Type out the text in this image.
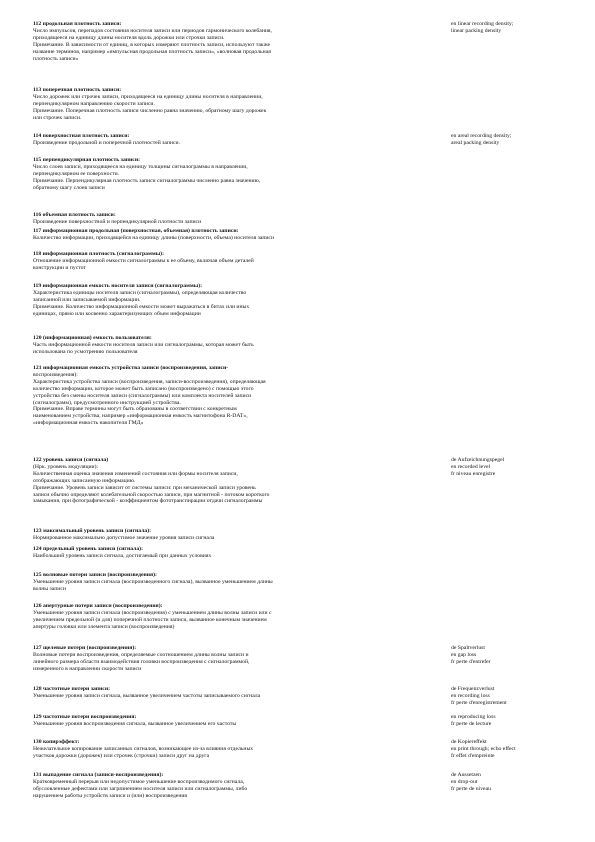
112 продольная плотность записи:
Число импульсов, перепадов состояния носителя записи или периодов гармонического колебания,
приходящееся на единицу длины носителя вдоль дорожки или строчки записи.
Примечание. В зависимости от единиц, в которых измеряют плотность записи, используют также
название терминов, например «импульсная продольная плотность записи», «волновая продольная
плотность записи»
en linear recording density;
linear packing density
113 поперечная плотность записи:
Число дорожек или строчек записи, приходящееся на единицу длины носителя в направлении,
перпендикулярном направлению скорости записи.
Примечание. Поперечная плотность записи численно равна значению, обратному шагу дорожек
или строчек записи.
114 поверхностная плотность записи:
Произведение продольной и поперечной плотностей записи.
en areal recording density;
areal packing density
115 перпендикулярная плотность записи:
Число слоев записи, приходящееся на единицу толщины сигналограммы в направлении,
перпендикулярном ее поверхности.
Примечание. Перпендикулярная плотность записи сигналограммы численно равна значению,
обратному шагу слоев записи
116 объемная плотность записи:
Произведение поверхностной и перпендикулярной плотности записи
117 информационная продольная (поверхностная, объемная) плотность записи:
Количество информации, приходящейся на единицу длины (поверхности, объема) носителя записи
118 информационная плотность (сигналограммы):
Отношение информационной емкости сигналограммы к ее объему, включая объем деталей
конструкции и пустот
119 информационная емкость носителя записи (сигналограммы):
Характеристика единицы носителя записи (сигналограммы), определяющая количество
записанной или записываемой информации.
Примечание. Количество информационной емкости может выражаться в битах или иных
единицах, прямо или косвенно характеризующих объем информации
120 (информационная) емкость пользователя:
Часть информационной емкости носителя записи или сигналограммы, которая может быть
использована по усмотрению пользователя
121 информационная емкость устройства записи (воспроизведения, записи-
воспроизведения):
Характеристика устройства записи (воспроизведения, записи-воспроизведения), определяющая
количество информации, которое может быть записано (воспроизведено) с помощью этого
устройства без смены носителя записи (сигналограммы) или комплекта носителей записи
(сигналограмм), предусмотренного инструкцией устройства.
Примечание. Вправе термины могут быть образованы в соответствии с конкретным
наименованием устройства, например «информационная емкость магнитофона R-DAT»,
«информационная емкость накопителя ГМД»
122 уровень записи (сигнала)
(Нрк. уровень модуляции):
Количественная оценка значения изменений состояния или формы носителя записи,
отображающих записанную информацию.
Примечание. Уровень записи зависит от системы записи: при механической записи уровень
записи обычно определяют колебательной скоростью записи, при магнитной - потоком короткого
замыкания, при фотографической - коэффициентом фототранспирации отдачи сигналограммы
de Aufzeichnungspegel
en recorded level
fr niveau enregistre
123 максимальный уровень записи (сигнала):
Нормированное максимально допустимое значение уровня записи сигнала
124 предельный уровень записи (сигнала):
Наибольший уровень записи сигнала, достигаемый при данных условиях
125 волновые потери записи (воспроизведения):
Уменьшение уровня записи сигнала (воспроизведенного сигнала), вызванное уменьшением длины
волны записи
126 апертурные потери записи (воспроизведения):
Уменьшение уровня записи сигнала (воспроизведения) с уменьшением длины волны записи или с
увеличением предельной (и для) поперечной плотности записи, вызванное конечным значением
апертуры головки или элемента записи (воспроизведения)
127 щелевые потери (воспроизведения):
Волновые потери воспроизведения, определяемые соотношением длины волны записи и
линейного размера области взаимодействия головки воспроизведения с сигналограммой,
измеренного в направлении скорости записи
de Spaltverlust
en gap loss
fr perte d'entrefer
128 частотные потери записи:
Уменьшение уровня записи сигнала, вызванное увеличением частоты записываемого сигнала
de Frequenzverlust
en recording loss
fr perte d'enregistrement
129 частотные потери воспроизведения:
Уменьшение уровня воспроизведения сигнала, вызванное увеличением его частоты
en reproducing loss
fr perte de lecture
130 копирэффект:
Нежелательное копирование записанных сигналов, возникающее из-за влияния отдельных
участков дорожки (дорожек) или строчек (строчки) записи друг на друга
de Kopiereffekt
en print through; echo effect
fr effet d'empreinte
131 выпадение сигнала (записи-воспроизведения):
Кратковременный перерыв или недопустимое уменьшение воспроизводимого сигнала,
обусловленные дефектами или загрязнением носителя записи или сигналограммы, либо
нарушением работы устройств записи и (или) воспроизведения
de Aussetzen
en drop-out
fr perte de niveau
